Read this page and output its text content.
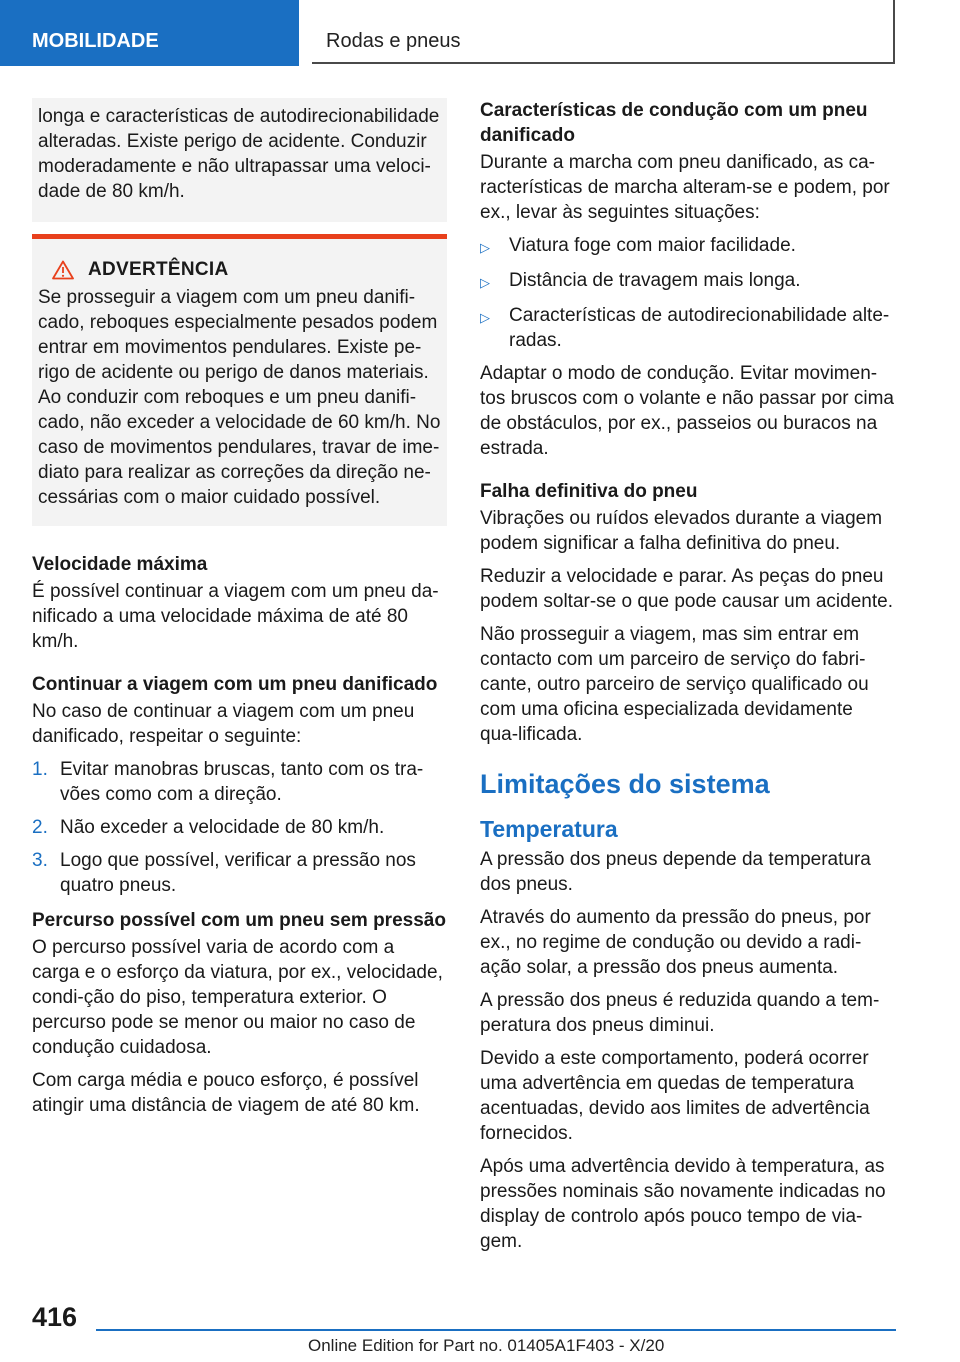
MOBILIDADE	Rodas e pneus

longa e características de autodirecionabilidade alteradas. Existe perigo de acidente. Conduzir moderadamente e não ultrapassar uma veloci-dade de 80 km/h.

ADVERTÊNCIA

Se prosseguir a viagem com um pneu danifi-cado, reboques especialmente pesados podem entrar em movimentos pendulares. Existe pe-rigo de acidente ou perigo de danos materiais. Ao conduzir com reboques e um pneu danifi-cado, não exceder a velocidade de 60 km/h. No caso de movimentos pendulares, travar de ime-diato para realizar as correções da direção ne-cessárias com o maior cuidado possível.

Velocidade máxima

É possível continuar a viagem com um pneu da-nificado a uma velocidade máxima de até 80 km/h.

Continuar a viagem com um pneu danificado

No caso de continuar a viagem com um pneu danificado, respeitar o seguinte:

1. Evitar manobras bruscas, tanto com os tra-vões como com a direção.
2. Não exceder a velocidade de 80 km/h.
3. Logo que possível, verificar a pressão nos quatro pneus.
Percurso possível com um pneu sem pressão

O percurso possível varia de acordo com a carga e o esforço da viatura, por ex., velocidade, condi-ção do piso, temperatura exterior. O percurso pode se menor ou maior no caso de condução cuidadosa.

Com carga média e pouco esforço, é possível atingir uma distância de viagem de até 80 km.

Características de condução com um pneu danificado

Durante a marcha com pneu danificado, as ca-racterísticas de marcha alteram-se e podem, por ex., levar às seguintes situações:

▷	Viatura foge com maior facilidade.
▷	Distância de travagem mais longa.
▷	Características de autodirecionabilidade alte-radas.

Adaptar o modo de condução. Evitar movimen-tos bruscos com o volante e não passar por cima de obstáculos, por ex., passeios ou buracos na estrada.

Falha definitiva do pneu

Vibrações ou ruídos elevados durante a viagem podem significar a falha definitiva do pneu.

Reduzir a velocidade e parar. As peças do pneu podem soltar-se o que pode causar um acidente.

Não prosseguir a viagem, mas sim entrar em contacto com um parceiro de serviço do fabri-cante, outro parceiro de serviço qualificado ou com uma oficina especializada devidamente qua-lificada.

Limitações do sistema
Temperatura

A pressão dos pneus depende da temperatura dos pneus.

Através do aumento da pressão do pneus, por ex., no regime de condução ou devido a radi-ação solar, a pressão dos pneus aumenta.

A pressão dos pneus é reduzida quando a tem-peratura dos pneus diminui.

Devido a este comportamento, poderá ocorrer uma advertência em quedas de temperatura acentuadas, devido aos limites de advertência fornecidos.

Após uma advertência devido à temperatura, as pressões nominais são novamente indicadas no display de controlo após pouco tempo de via-gem.

416
Online Edition for Part no. 01405A1F403 - X/20
